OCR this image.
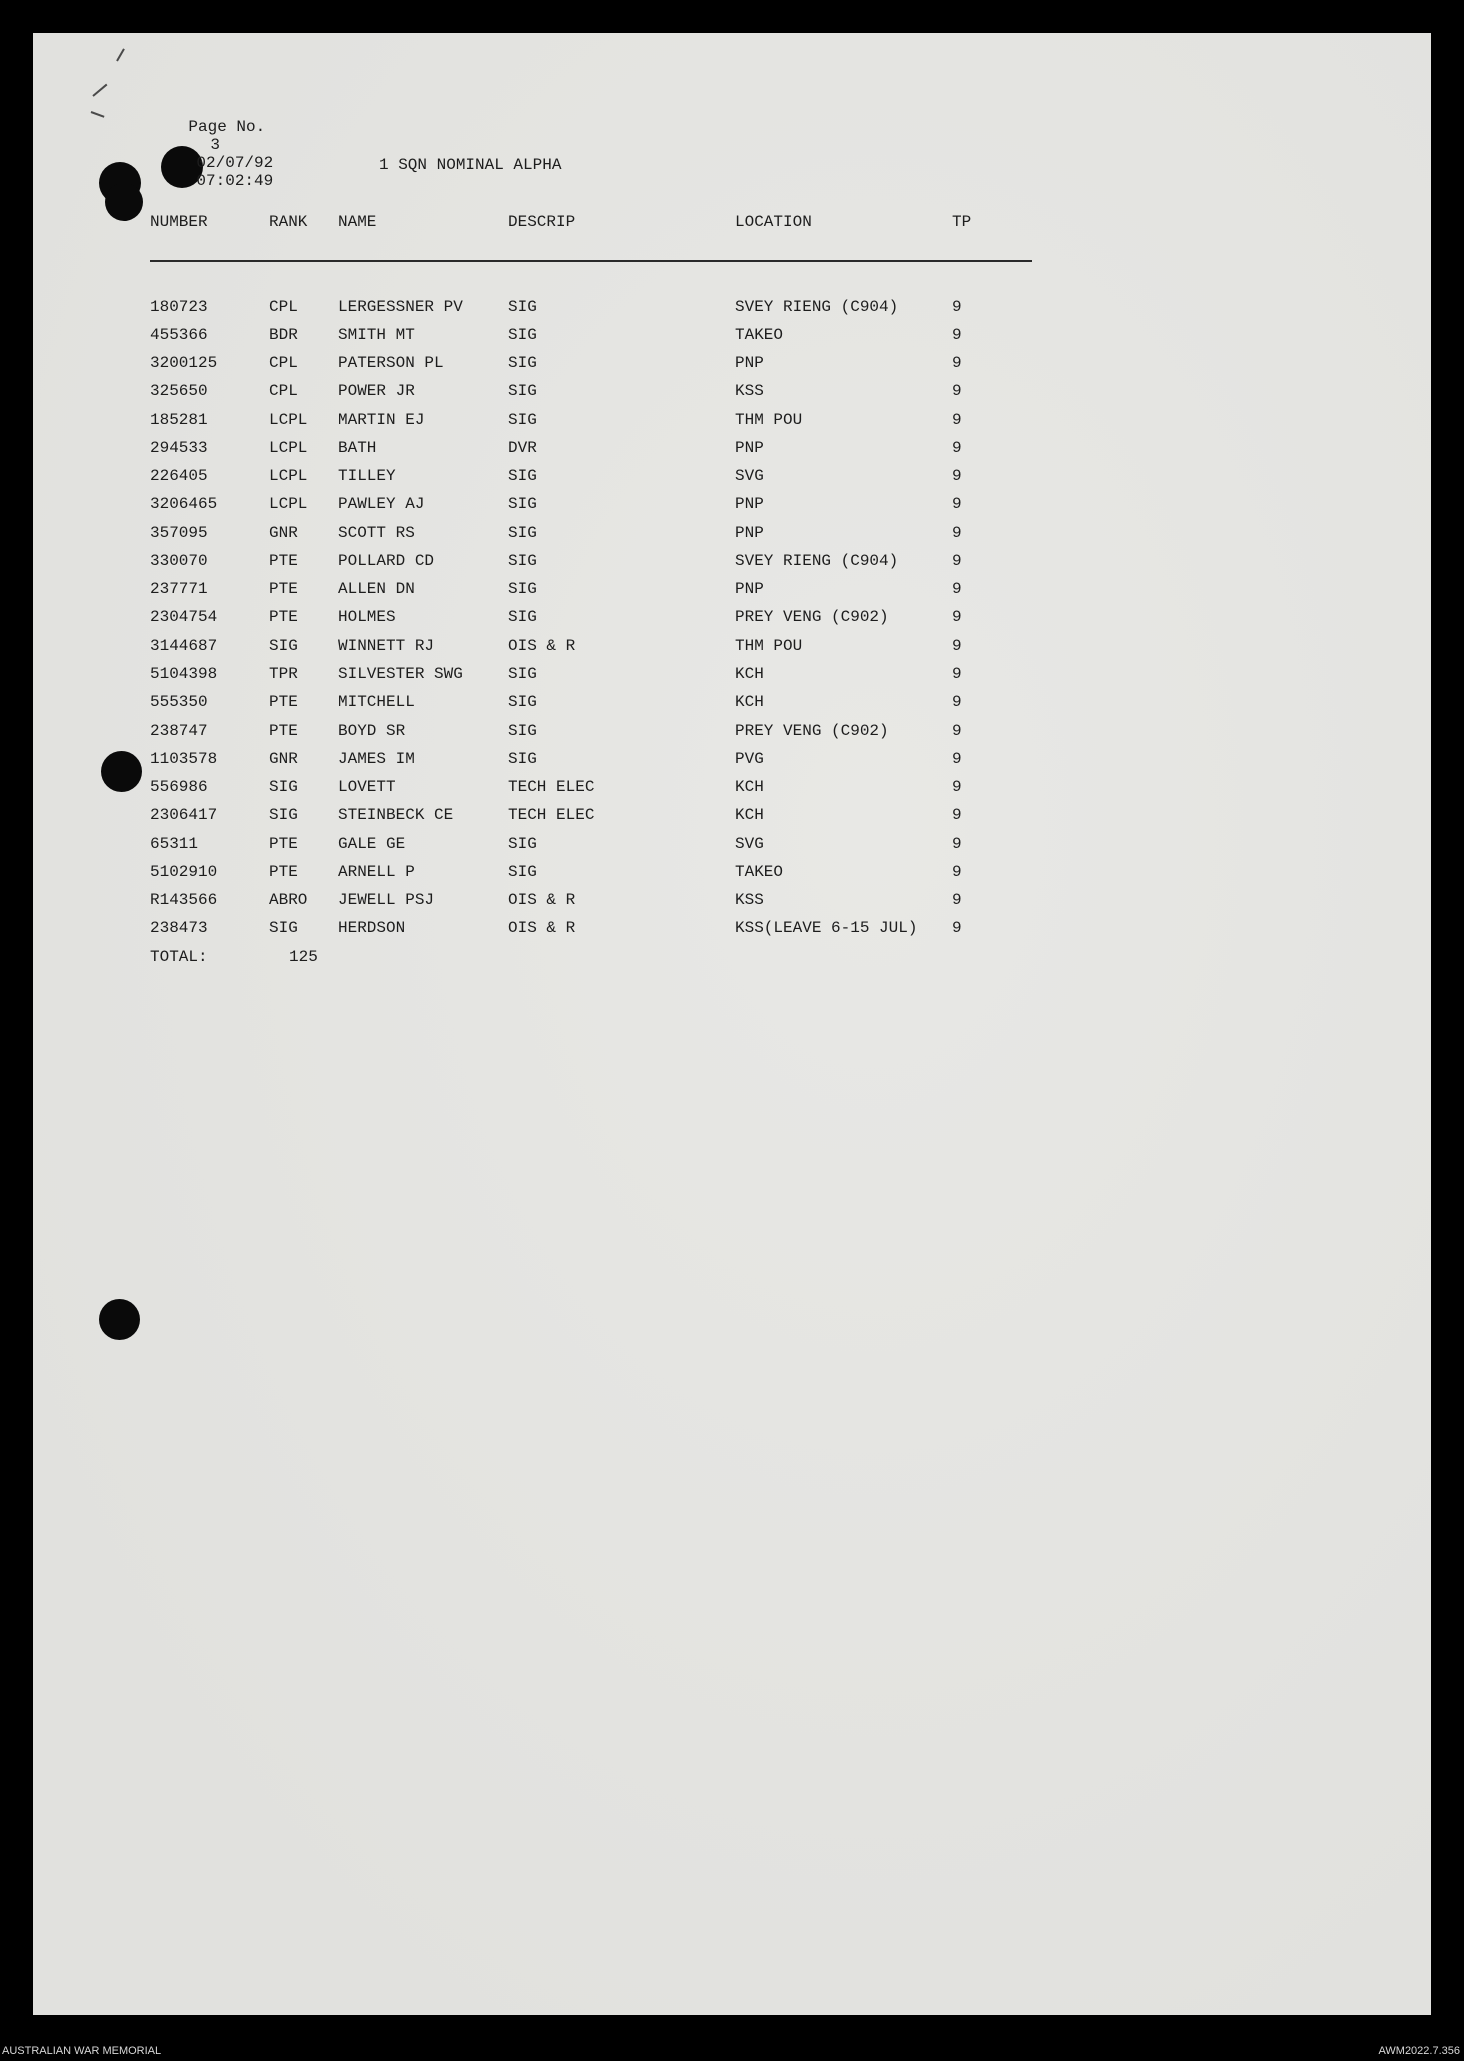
Page No.
3
02/07/92
07:02:49

1 SQN NOMINAL ALPHA
NUMBER	RANK NAME	DESCRIP	LOCATION	TP
180723	CPL	LERGESSNER PV	SIG	SVEY RIENG (C904)	9
455366	BDR	SMITH MT	SIG	TAKEO	9
3200125	CPL	PATERSON PL	SIG	PNP	9
325650	CPL	POWER JR	SIG	KSS	9
185281	LCPL MARTIN EJ	SIG	THM POU	9
294533	LCPL BATH	DVR	PNP	9
226405	LCPL TILLEY	SIG	SVG	9
3206465	LCPL PAWLEY AJ	SIG	PNP	9
357095	GNR	SCOTT RS	SIG	PNP	9
330070	PTE	POLLARD CD	SIG	SVEY RIENG (C904)	9
237771	PTE	ALLEN DN	SIG	PNP	9
2304754	PTE	HOLMES	SIG	PREY VENG (C902)	9
3144687	SIG	WINNETT RJ	OIS & R	THM POU	9
5104398	TPR	SILVESTER SWG	SIG	KCH	9
555350	PTE	MITCHELL	SIG	KCH	9
238747	PTE	BOYD SR	SIG	PREY VENG (C902)	9
1103578	GNR	JAMES IM	SIG	PVG	9
556986	SIG	LOVETT	TECH ELEC	KCH	9
2306417	SIG	STEINBECK CE	TECH ELEC	KCH	9
65311	PTE	GALE GE	SIG	SVG	9
5102910	PTE	ARNELL P	SIG	TAKEO	9
R143566	ABRO JEWELL PSJ	OIS & R	KSS	9
238473	SIG	HERDSON	OIS & R	KSS(LEAVE 6-15 JUL) 9
TOTAL:	125
AUSTRALIAN WAR MEMORIAL	AWM2022.7.356
